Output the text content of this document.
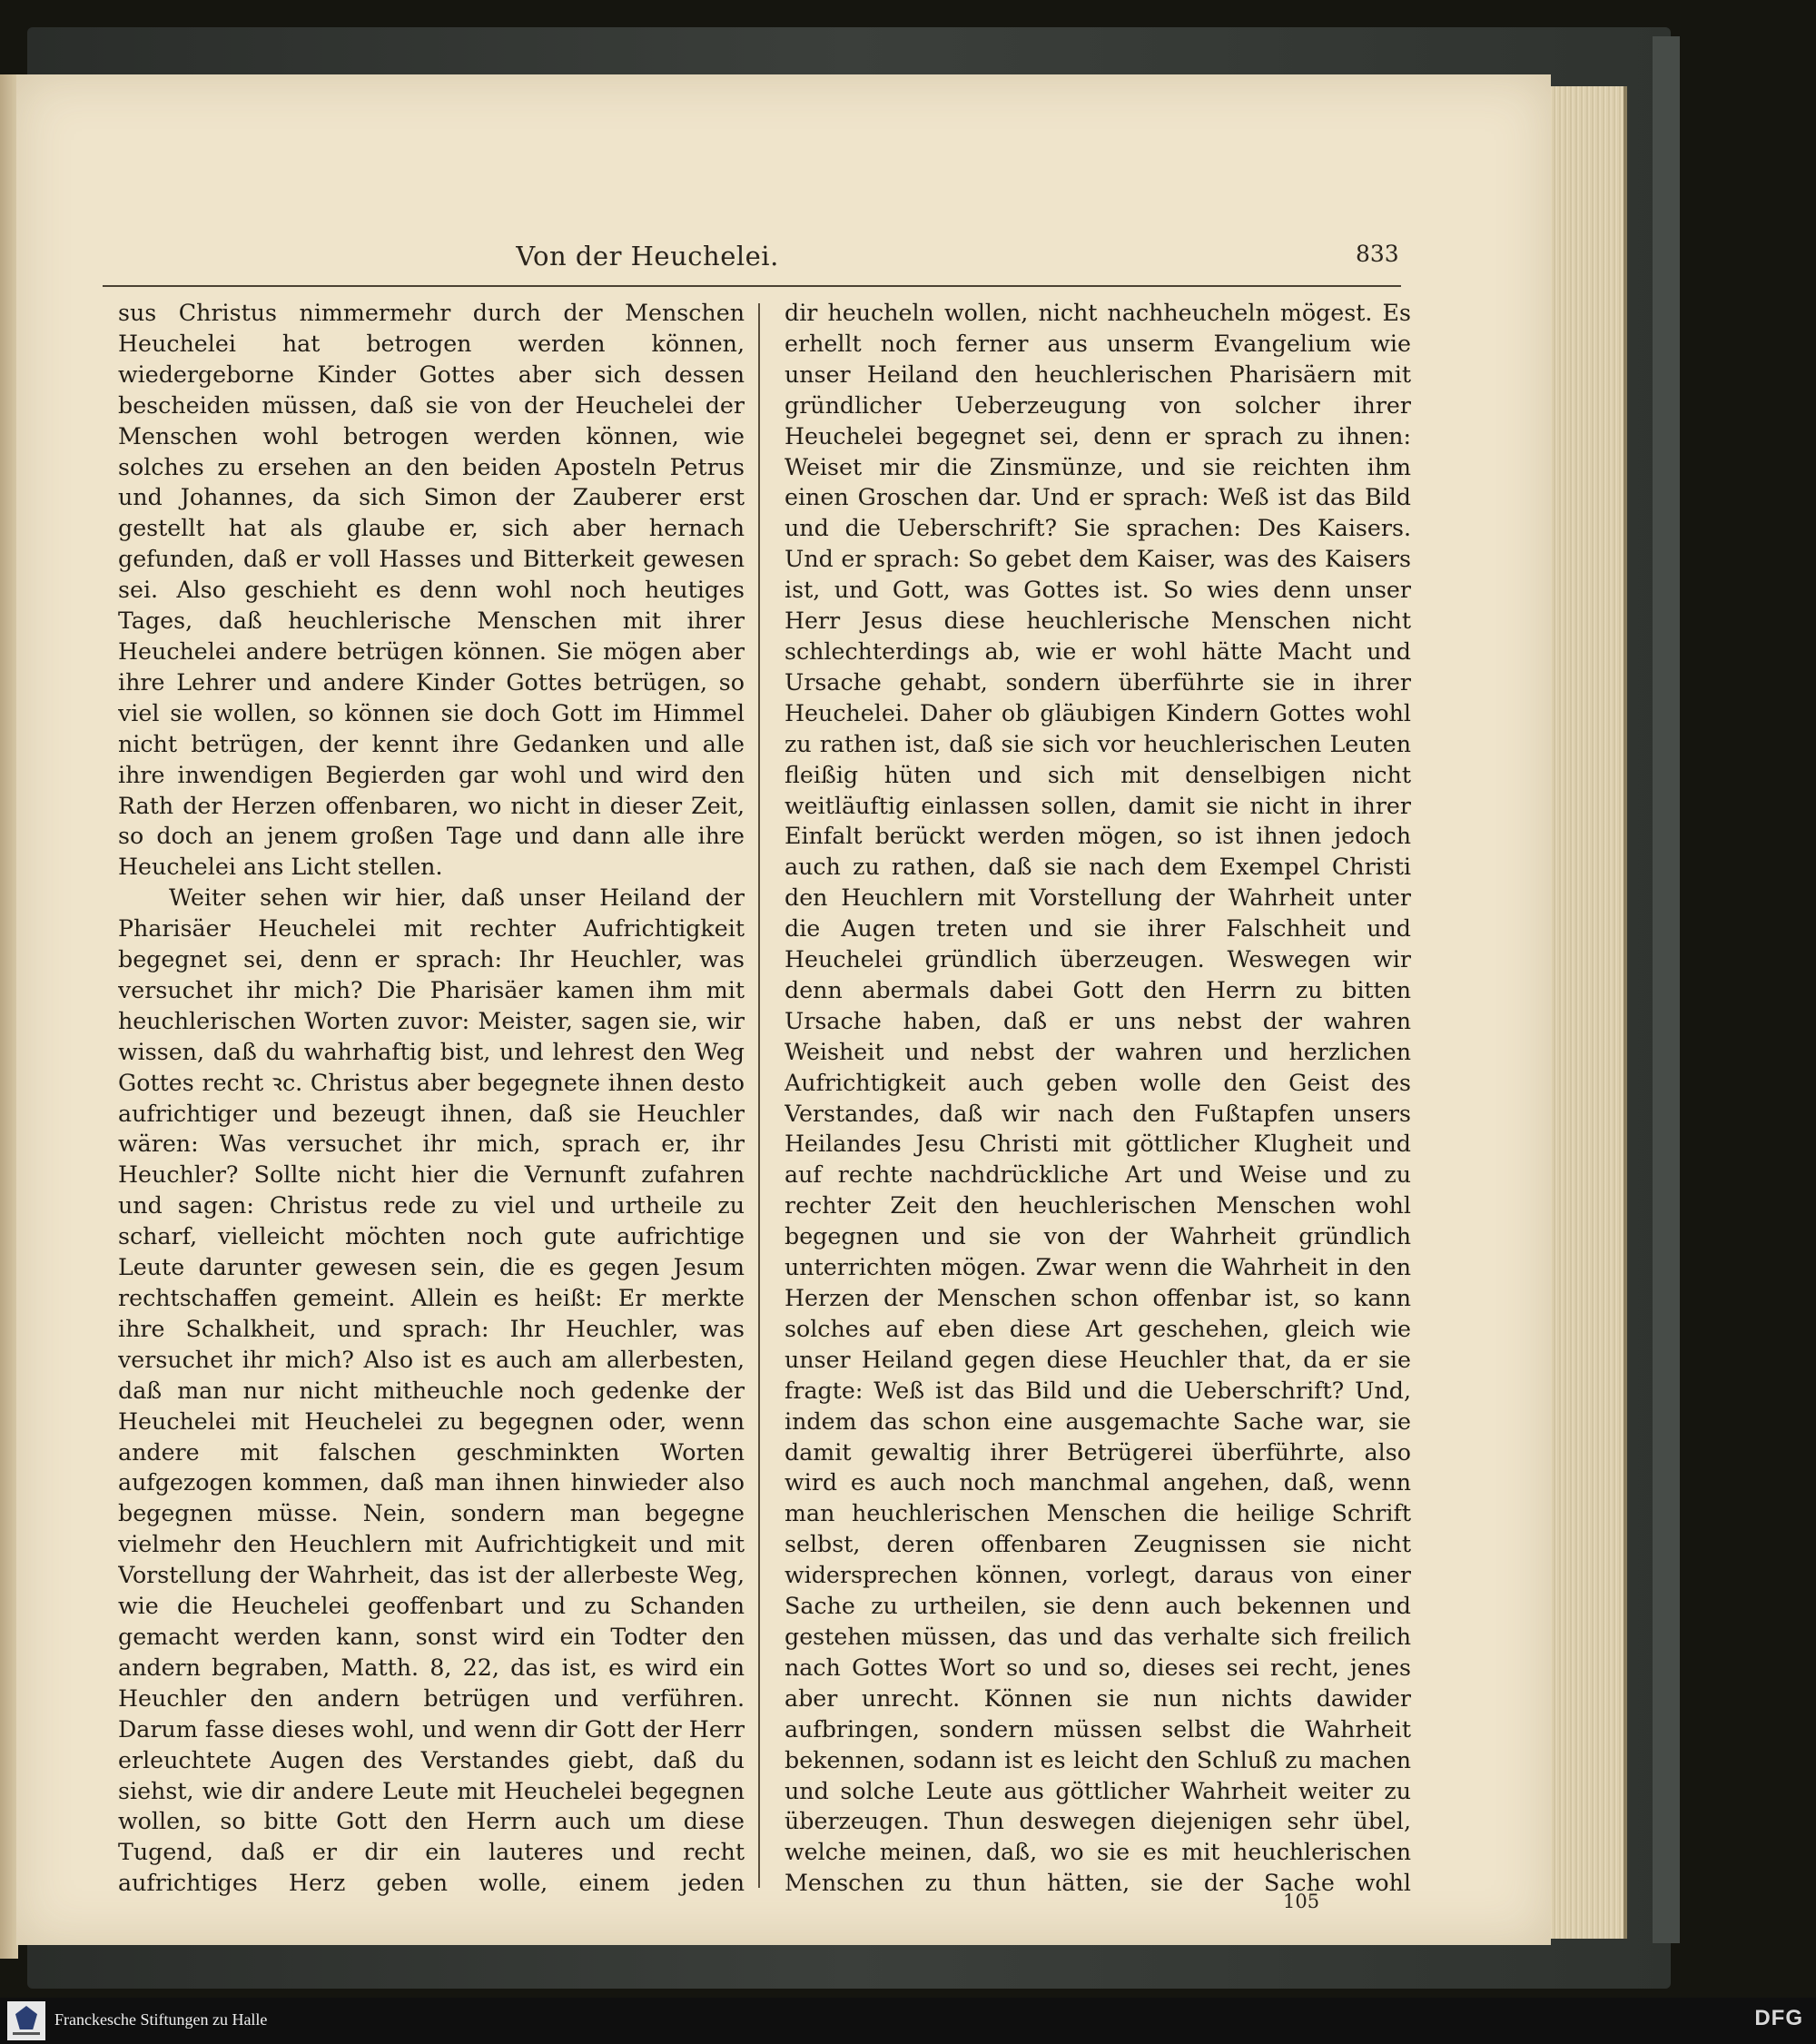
Von der Heuchelei.	833

sus Christus nimmermehr durch der Menschen Heuchelei hat betrogen werden können, wiedergeborne Kinder Gottes aber sich dessen bescheiden müssen, daß sie von der Heuchelei der Menschen wohl betrogen werden können, wie solches zu ersehen an den beiden Aposteln Petrus und Johannes, da sich Simon der Zauberer erst gestellt hat als glaube er, sich aber hernach gefunden, daß er voll Hasses und Bitterkeit gewesen sei. Also geschieht es denn wohl noch heutiges Tages, daß heuchlerische Menschen mit ihrer Heuchelei andere betrügen können. Sie mögen aber ihre Lehrer und andere Kinder Gottes betrügen, so viel sie wollen, so können sie doch Gott im Himmel nicht betrügen, der kennt ihre Gedanken und alle ihre inwendigen Begierden gar wohl und wird den Rath der Herzen offenbaren, wo nicht in dieser Zeit, so doch an jenem großen Tage und dann alle ihre Heuchelei ans Licht stellen.

Weiter sehen wir hier, daß unser Heiland der Pharisäer Heuchelei mit rechter Aufrichtigkeit begegnet sei, denn er sprach: Ihr Heuchler, was versuchet ihr mich? Die Pharisäer kamen ihm mit heuchlerischen Worten zuvor: Meister, sagen sie, wir wissen, daß du wahrhaftig bist, und lehrest den Weg Gottes recht ꝛc. Christus aber begegnete ihnen desto aufrichtiger und bezeugt ihnen, daß sie Heuchler wären: Was versuchet ihr mich, sprach er, ihr Heuchler? Sollte nicht hier die Vernunft zufahren und sagen: Christus rede zu viel und urtheile zu scharf, vielleicht möchten noch gute aufrichtige Leute darunter gewesen sein, die es gegen Jesum rechtschaffen gemeint. Allein es heißt: Er merkte ihre Schalkheit, und sprach: Ihr Heuchler, was versuchet ihr mich? Also ist es auch am allerbesten, daß man nur nicht mitheuchle noch gedenke der Heuchelei mit Heuchelei zu begegnen oder, wenn andere mit falschen geschminkten Worten aufgezogen kommen, daß man ihnen hinwieder also begegnen müsse. Nein, sondern man begegne vielmehr den Heuchlern mit Aufrichtigkeit und mit Vorstellung der Wahrheit, das ist der allerbeste Weg, wie die Heuchelei geoffenbart und zu Schanden gemacht werden kann, sonst wird ein Todter den andern begraben, Matth. 8, 22, das ist, es wird ein Heuchler den andern betrügen und verführen. Darum fasse dieses wohl, und wenn dir Gott der Herr erleuchtete Augen des Verstandes giebt, daß du siehst, wie dir andere Leute mit Heuchelei begegnen wollen, so bitte Gott den Herrn auch um diese Tugend, daß er dir ein lauteres und recht aufrichtiges Herz geben wolle, einem jeden

dir heucheln wollen, nicht nachheucheln mögest. Es erhellt noch ferner aus unserm Evangelium wie unser Heiland den heuchlerischen Pharisäern mit gründlicher Ueberzeugung von solcher ihrer Heuchelei begegnet sei, denn er sprach zu ihnen: Weiset mir die Zinsmünze, und sie reichten ihm einen Groschen dar. Und er sprach: Weß ist das Bild und die Ueberschrift? Sie sprachen: Des Kaisers. Und er sprach: So gebet dem Kaiser, was des Kaisers ist, und Gott, was Gottes ist. So wies denn unser Herr Jesus diese heuchlerische Menschen nicht schlechterdings ab, wie er wohl hätte Macht und Ursache gehabt, sondern überführte sie in ihrer Heuchelei. Daher ob gläubigen Kindern Gottes wohl zu rathen ist, daß sie sich vor heuchlerischen Leuten fleißig hüten und sich mit denselbigen nicht weitläuftig einlassen sollen, damit sie nicht in ihrer Einfalt berückt werden mögen, so ist ihnen jedoch auch zu rathen, daß sie nach dem Exempel Christi den Heuchlern mit Vorstellung der Wahrheit unter die Augen treten und sie ihrer Falschheit und Heuchelei gründlich überzeugen. Weswegen wir denn abermals dabei Gott den Herrn zu bitten Ursache haben, daß er uns nebst der wahren Weisheit und nebst der wahren und herzlichen Aufrichtigkeit auch geben wolle den Geist des Verstandes, daß wir nach den Fußtapfen unsers Heilandes Jesu Christi mit göttlicher Klugheit und auf rechte nachdrückliche Art und Weise und zu rechter Zeit den heuchlerischen Menschen wohl begegnen und sie von der Wahrheit gründlich unterrichten mögen. Zwar wenn die Wahrheit in den Herzen der Menschen schon offenbar ist, so kann solches auf eben diese Art geschehen, gleich wie unser Heiland gegen diese Heuchler that, da er sie fragte: Weß ist das Bild und die Ueberschrift? Und, indem das schon eine ausgemachte Sache war, sie damit gewaltig ihrer Betrügerei überführte, also wird es auch noch manchmal angehen, daß, wenn man heuchlerischen Menschen die heilige Schrift selbst, deren offenbaren Zeugnissen sie nicht widersprechen können, vorlegt, daraus von einer Sache zu urtheilen, sie denn auch bekennen und gestehen müssen, das und das verhalte sich freilich nach Gottes Wort so und so, dieses sei recht, jenes aber unrecht. Können sie nun nichts dawider aufbringen, sondern müssen selbst die Wahrheit bekennen, sodann ist es leicht den Schluß zu machen und solche Leute aus göttlicher Wahrheit weiter zu überzeugen. Thun deswegen diejenigen sehr übel, welche meinen, daß, wo sie es mit heuchlerischen Menschen zu thun hätten, sie der Sache wohl

105
Franckesche Stiftungen zu Halle	DFG
